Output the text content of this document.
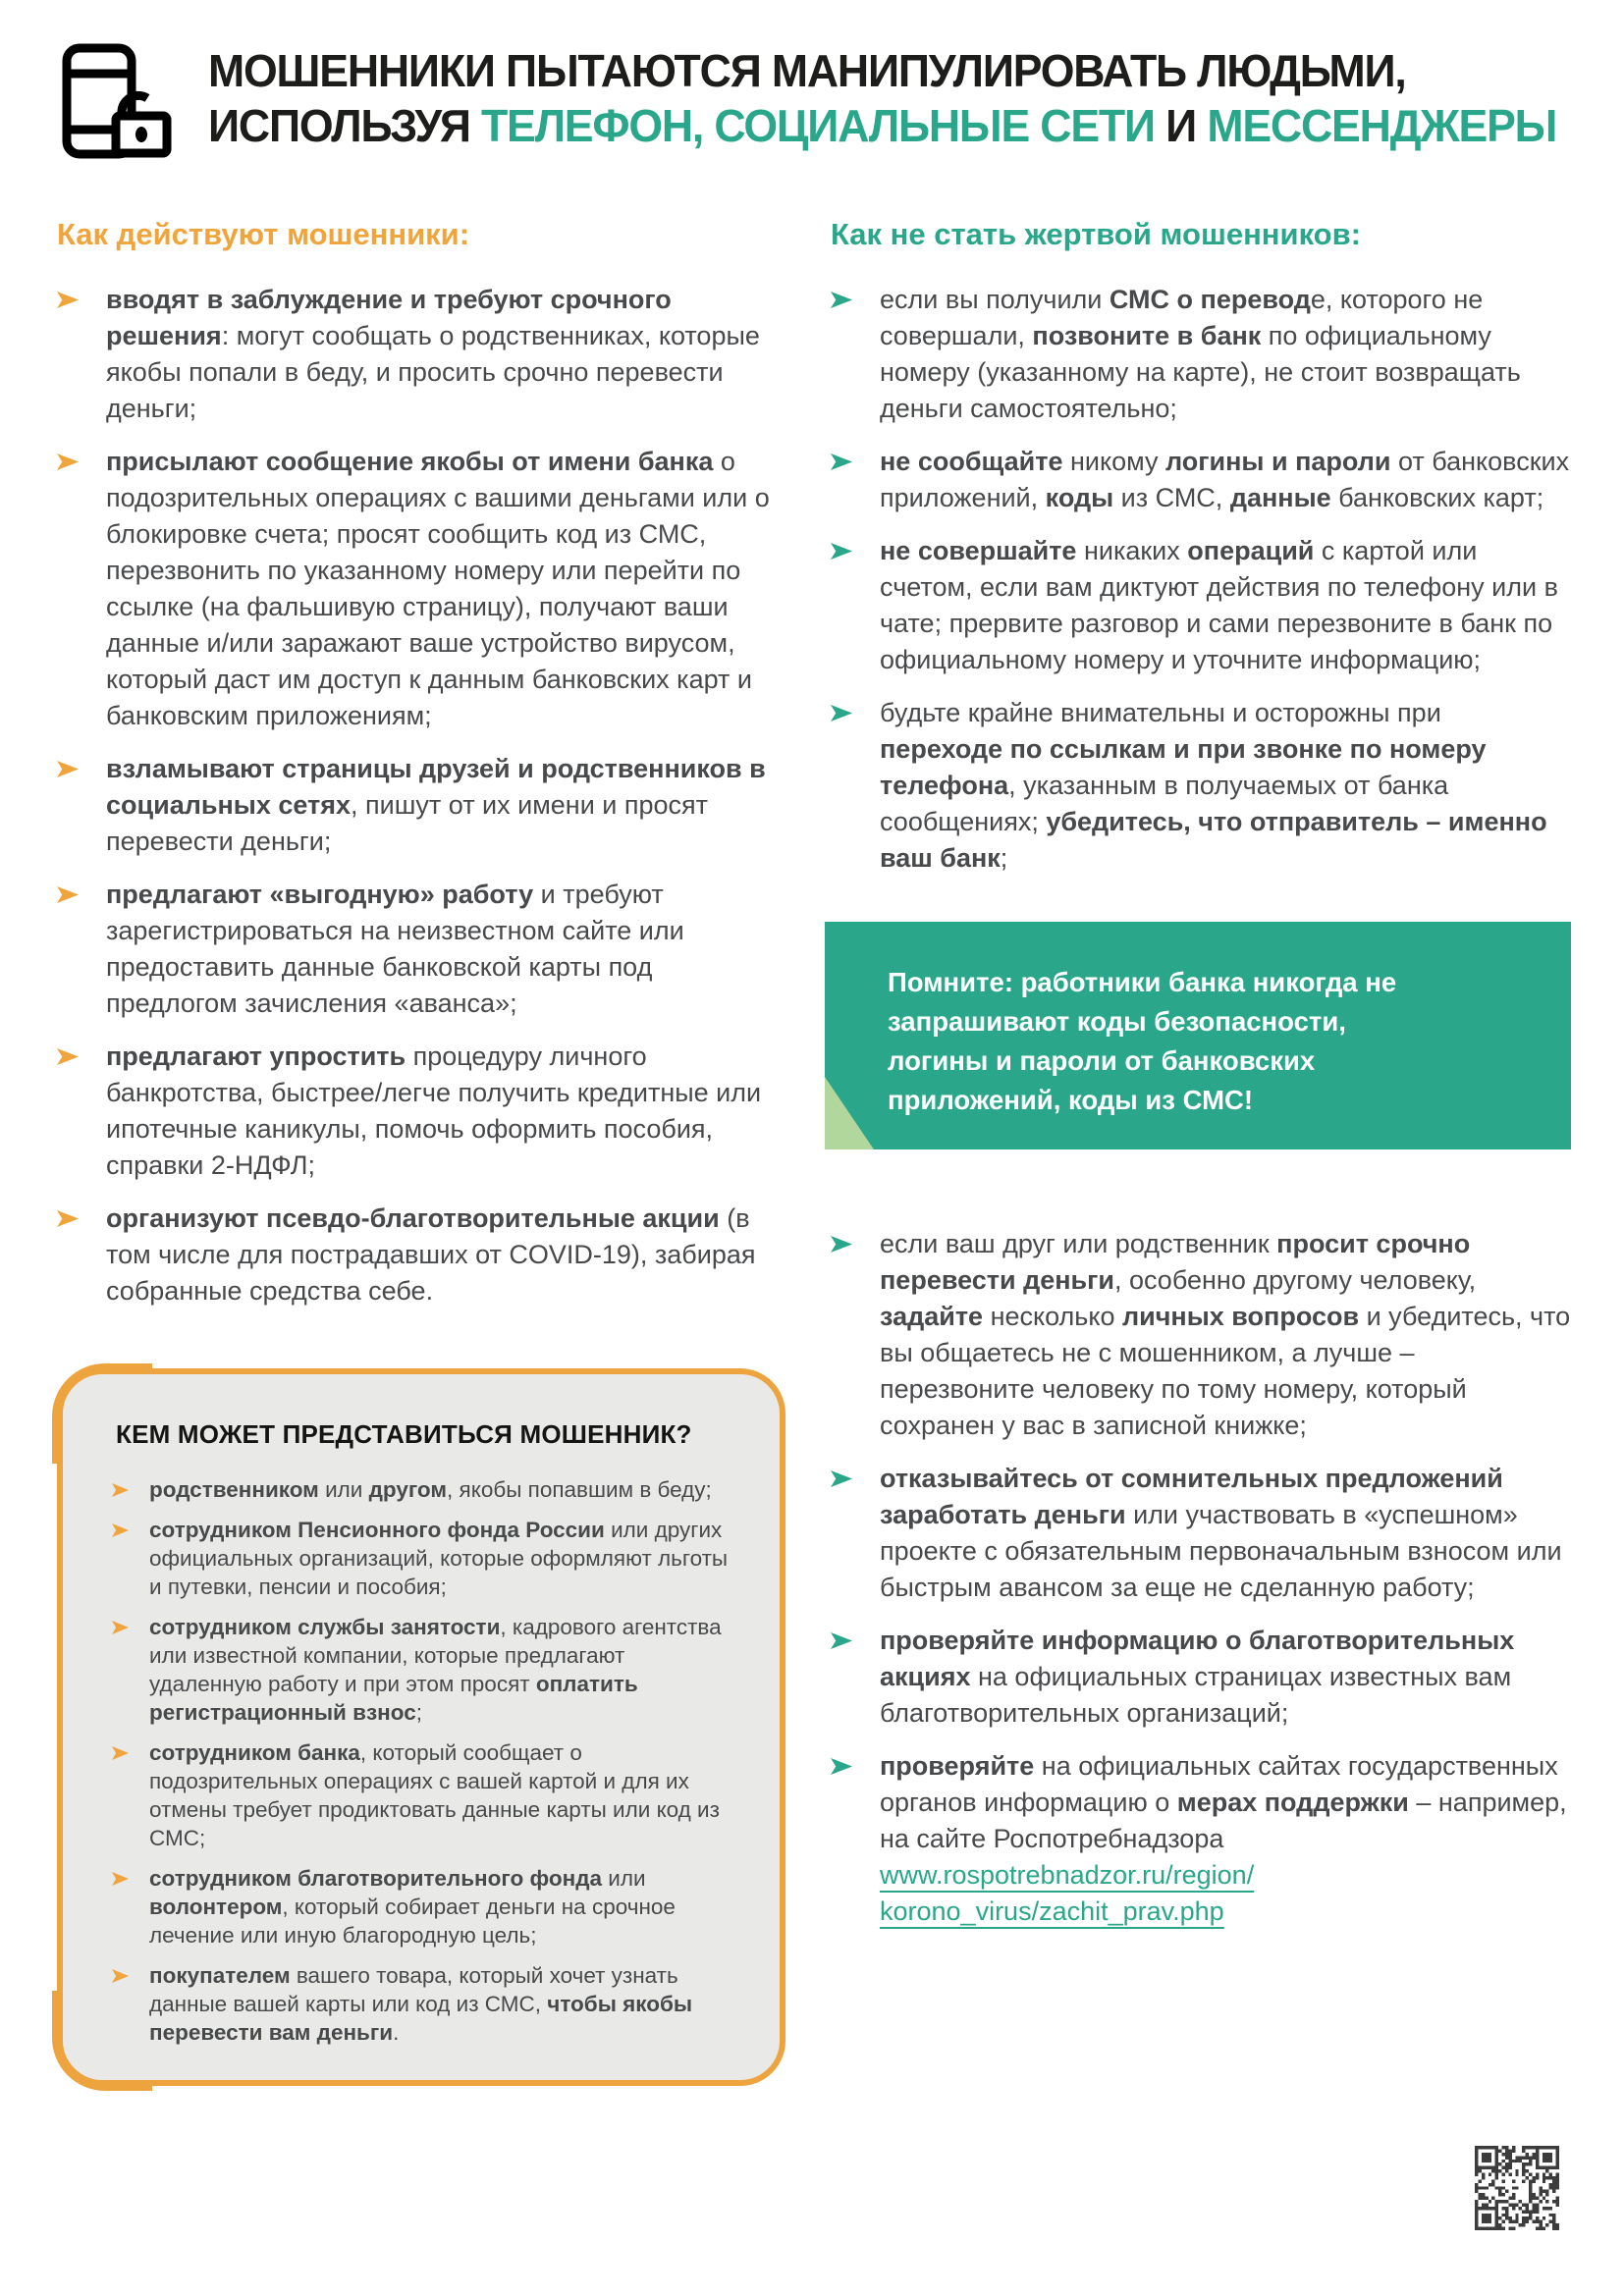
МОШЕННИКИ ПЫТАЮТСЯ МАНИПУЛИРОВАТЬ ЛЮДЬМИ,
ИСПОЛЬЗУЯ ТЕЛЕФОН, СОЦИАЛЬНЫЕ СЕТИ И МЕССЕНДЖЕРЫ
Как действуют мошенники:
вводят в заблуждение и требуют срочного решения: могут сообщать о родственниках, которые якобы попали в беду, и просить срочно перевести деньги;
присылают сообщение якобы от имени банка о подозрительных операциях с вашими деньгами или о блокировке счета; просят сообщить код из СМС, перезвонить по указанному номеру или перейти по ссылке (на фальшивую страницу), получают ваши данные и/или заражают ваше устройство вирусом, который даст им доступ к данным банковских карт и банковским приложениям;
взламывают страницы друзей и родственников в социальных сетях, пишут от их имени и просят перевести деньги;
предлагают «выгодную» работу и требуют зарегистрироваться на неизвестном сайте или предоставить данные банковской карты под предлогом зачисления «аванса»;
предлагают упростить процедуру личного банкротства, быстрее/легче получить кредитные или ипотечные каникулы, помочь оформить пособия, справки 2-НДФЛ;
организуют псевдо-благотворительные акции (в том числе для пострадавших от COVID-19), забирая собранные средства себе.
КЕМ МОЖЕТ ПРЕДСТАВИТЬСЯ МОШЕННИК?
родственником или другом, якобы попавшим в беду;
сотрудником Пенсионного фонда России или других официальных организаций, которые оформляют льготы и путевки, пенсии и пособия;
сотрудником службы занятости, кадрового агентства или известной компании, которые предлагают удаленную работу и при этом просят оплатить регистрационный взнос;
сотрудником банка, который сообщает о подозрительных операциях с вашей картой и для их отмены требует продиктовать данные карты или код из СМС;
сотрудником благотворительного фонда или волонтером, который собирает деньги на срочное лечение или иную благородную цель;
покупателем вашего товара, который хочет узнать данные вашей карты или код из СМС, чтобы якобы перевести вам деньги.
Как не стать жертвой мошенников:
если вы получили СМС о переводе, которого не совершали, позвоните в банк по официальному номеру (указанному на карте), не стоит возвращать деньги самостоятельно;
не сообщайте никому логины и пароли от банковских приложений, коды из СМС, данные банковских карт;
не совершайте никаких операций с картой или счетом, если вам диктуют действия по телефону или в чате; прервите разговор и сами перезвоните в банк по официальному номеру и уточните информацию;
будьте крайне внимательны и осторожны при переходе по ссылкам и при звонке по номеру телефона, указанным в получаемых от банка сообщениях; убедитесь, что отправитель – именно ваш банк;
Помните: работники банка никогда не запрашивают коды безопасности, логины и пароли от банковских приложений, коды из СМС!
если ваш друг или родственник просит срочно перевести деньги, особенно другому человеку, задайте несколько личных вопросов и убедитесь, что вы общаетесь не с мошенником, а лучше – перезвоните человеку по тому номеру, который сохранен у вас в записной книжке;
отказывайтесь от сомнительных предложений заработать деньги или участвовать в «успешном» проекте с обязательным первоначальным взносом или быстрым авансом за еще не сделанную работу;
проверяйте информацию о благотворительных акциях на официальных страницах известных вам благотворительных организаций;
проверяйте на официальных сайтах государственных органов информацию о мерах поддержки – например, на сайте Роспотребнадзора
www.rospotrebnadzor.ru/region/
korono_virus/zachit_prav.php
